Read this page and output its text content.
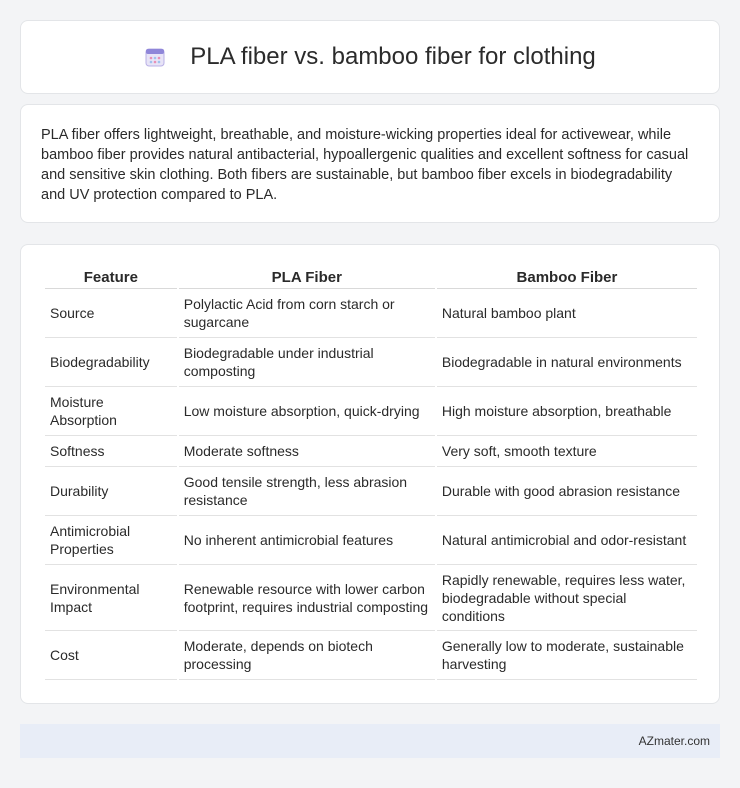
PLA fiber vs. bamboo fiber for clothing

PLA fiber offers lightweight, breathable, and moisture-wicking properties ideal for activewear, while bamboo fiber provides natural antibacterial, hypoallergenic qualities and excellent softness for casual and sensitive skin clothing. Both fibers are sustainable, but bamboo fiber excels in biodegradability and UV protection compared to PLA.

Feature	PLA Fiber	Bamboo Fiber
Source	Polylactic Acid from corn starch or sugarcane	Natural bamboo plant
Biodegradability	Biodegradable under industrial composting	Biodegradable in natural environments
Moisture Absorption	Low moisture absorption, quick-drying	High moisture absorption, breathable
Softness	Moderate softness	Very soft, smooth texture
Durability	Good tensile strength, less abrasion resistance	Durable with good abrasion resistance
Antimicrobial Properties	No inherent antimicrobial features	Natural antimicrobial and odor-resistant
Environmental Impact	Renewable resource with lower carbon footprint, requires industrial composting	Rapidly renewable, requires less water, biodegradable without special conditions
Cost	Moderate, depends on biotech processing	Generally low to moderate, sustainable harvesting
AZmater.com
